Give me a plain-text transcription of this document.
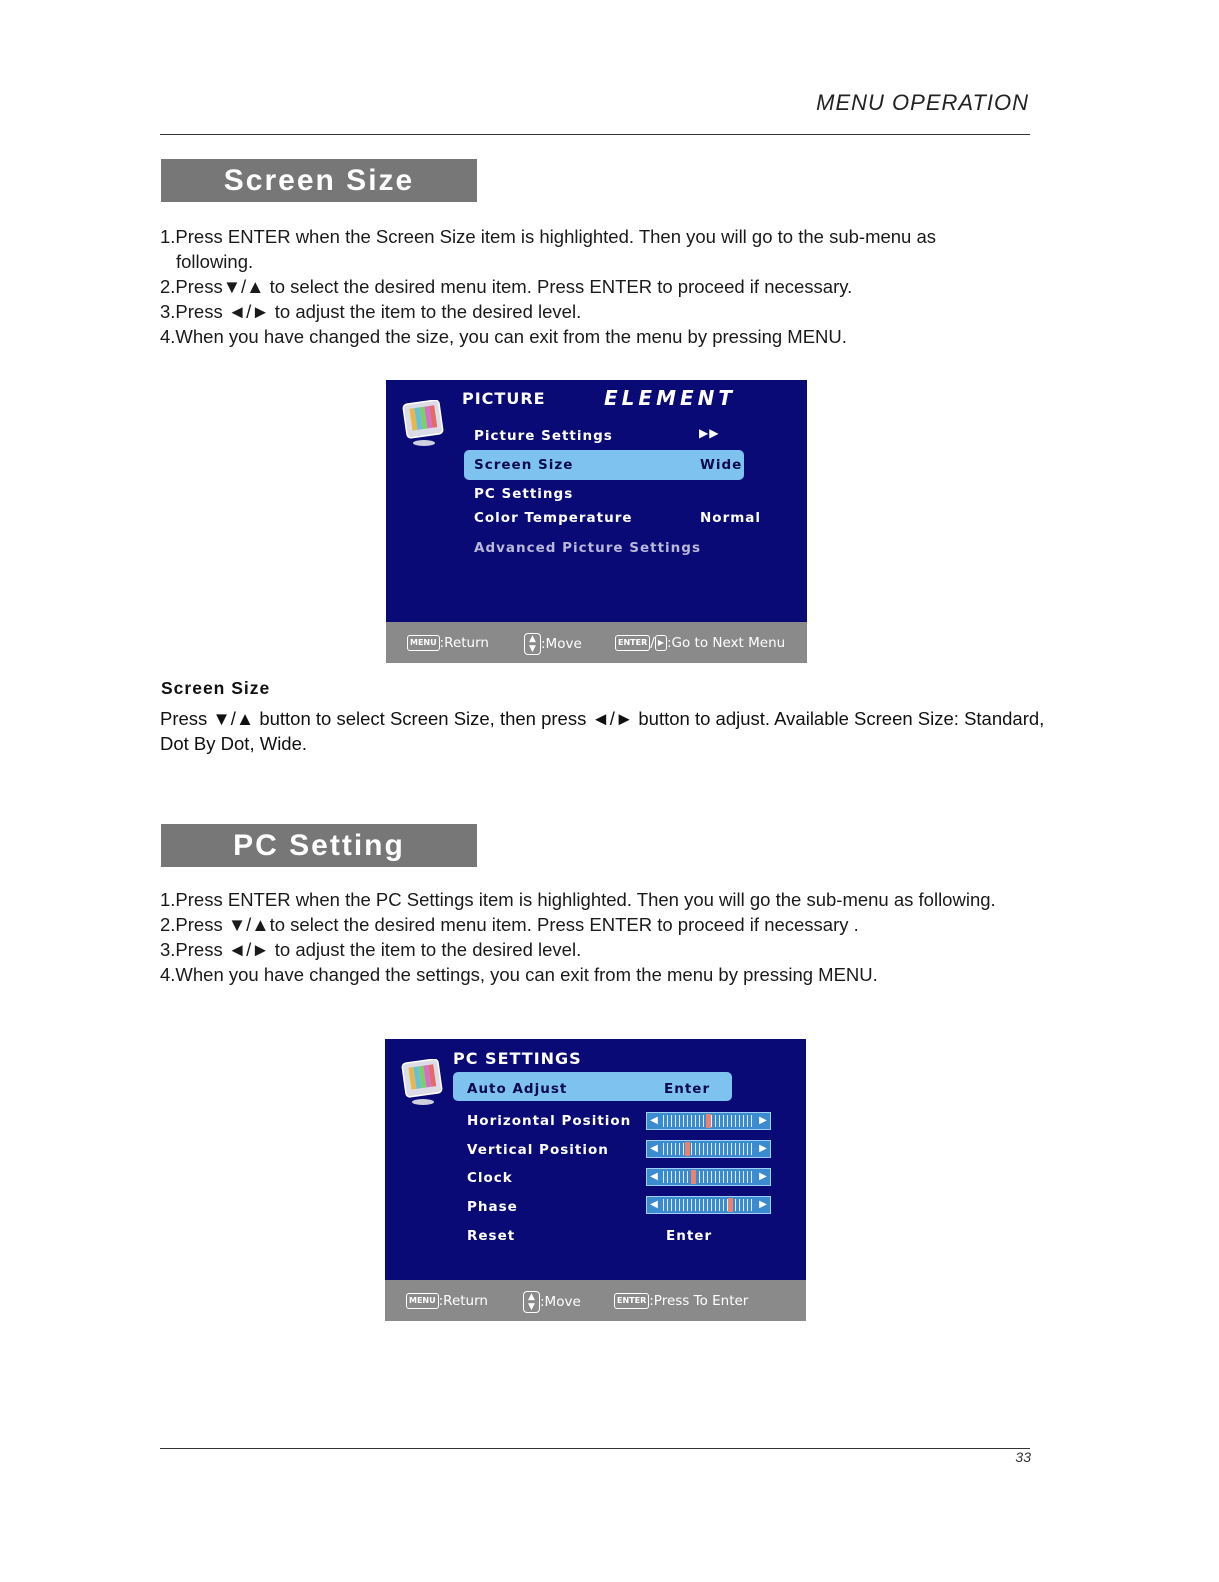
MENU OPERATION
Screen Size
1.Press ENTER when the Screen Size item is highlighted. Then you will go to the sub-menu as
following.
2.Press▼/▲ to select the desired menu item. Press ENTER to proceed if necessary.
3.Press ◄/► to adjust the item to the desired level.
4.When you have changed the size, you can exit from the menu by pressing MENU.
PICTURE	ELEMENT
Picture Settings	▶▶
Screen Size	Wide
PC Settings
Color Temperature	Normal
Advanced Picture Settings
MENU :Return	▲
▼ :Move	ENTER / ▶ :Go to Next Menu
Screen Size
Press ▼/▲ button to select Screen Size, then press ◄/► button to adjust. Available Screen Size: Standard, Dot By Dot, Wide.
PC Setting
1.Press ENTER when the PC Settings item is highlighted. Then you will go the sub-menu as following.
2.Press ▼/▲to select the desired menu item. Press ENTER to proceed if necessary .
3.Press ◄/► to adjust the item to the desired level.
4.When you have changed the settings, you can exit from the menu by pressing MENU.
PC SETTINGS
Auto Adjust	Enter
Horizontal Position	◀	▶
Vertical Position	◀	▶
Clock	◀	▶
Phase	◀	▶
Reset	Enter
MENU :Return	▲
▼ :Move	ENTER :Press To Enter
33
